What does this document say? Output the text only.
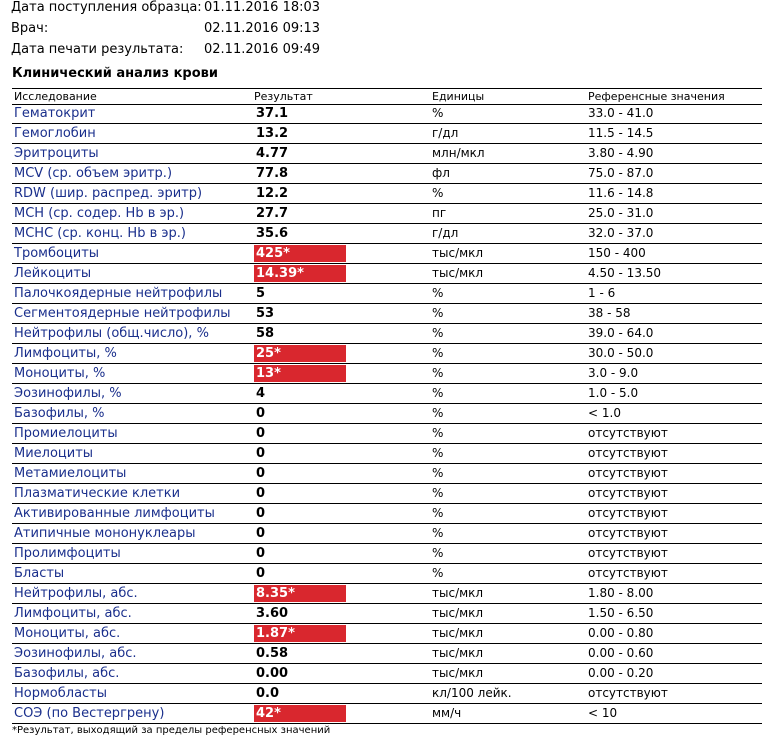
Дата поступления образца: 01.11.2016 18:03
Врач:	02.11.2016 09:13
Дата печати результата: 02.11.2016 09:49
Клинический анализ крови
Исследование	Результат	Единицы	Референсные значения
Гематокрит	37.1	%	33.0 - 41.0
Гемоглобин	13.2	г/дл	11.5 - 14.5
Эритроциты	4.77	млн/мкл	3.80 - 4.90
MCV (ср. объем эритр.)	77.8	фл	75.0 - 87.0
RDW (шир. распред. эритр)	12.2	%	11.6 - 14.8
MCH (ср. содер. Hb в эр.)	27.7	пг	25.0 - 31.0
MCHC (ср. конц. Hb в эр.)	35.6	г/дл	32.0 - 37.0
Тромбоциты	425*	тыс/мкл	150 - 400
Лейкоциты	14.39*	тыс/мкл	4.50 - 13.50
Палочкоядерные нейтрофилы	5	%	1 - 6
Сегментоядерные нейтрофилы 53	%	38 - 58
Нейтрофилы (общ.число), %	58	%	39.0 - 64.0
Лимфоциты, %	25*	%	30.0 - 50.0
Моноциты, %	13*	%	3.0 - 9.0
Эозинофилы, %	4	%	1.0 - 5.0
Базофилы, %	0	%	< 1.0
Промиелоциты	0	%	отсутствуют
Миелоциты	0	%	отсутствуют
Метамиелоциты	0	%	отсутствуют
Плазматические клетки	0	%	отсутствуют
Активированные лимфоциты	0	%	отсутствуют
Атипичные мононуклеары	0	%	отсутствуют
Пролимфоциты	0	%	отсутствуют
Бласты	0	%	отсутствуют
Нейтрофилы, абс.	8.35*	тыс/мкл	1.80 - 8.00
Лимфоциты, абс.	3.60	тыс/мкл	1.50 - 6.50
Моноциты, абс.	1.87*	тыс/мкл	0.00 - 0.80
Эозинофилы, абс.	0.58	тыс/мкл	0.00 - 0.60
Базофилы, абс.	0.00	тыс/мкл	0.00 - 0.20
Нормобласты	0.0	кл/100 лейк.	отсутствуют
СОЭ (по Вестергрену)	42*	мм/ч	< 10
*Результат, выходящий за пределы референсных значений
